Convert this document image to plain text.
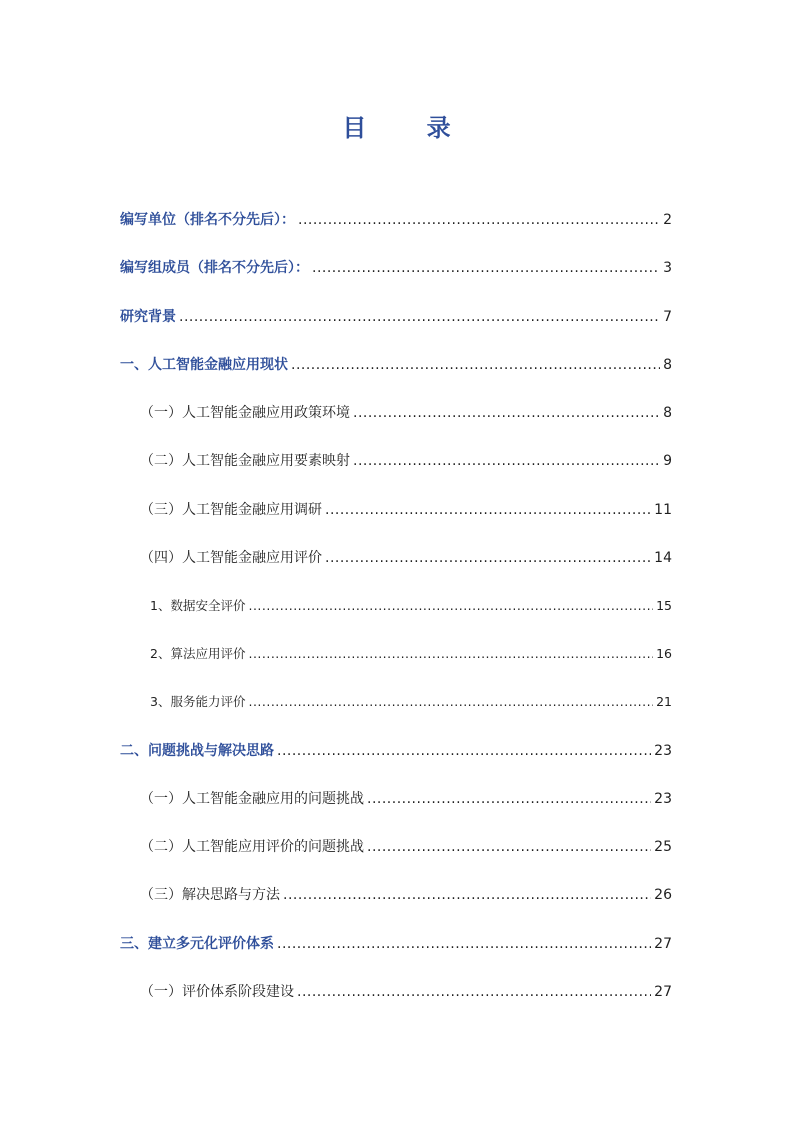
目 录
编写单位（排名不分先后）： .....	2
编写组成员（排名不分先后）： .....	3
研究背景 .....	7
一、人工智能金融应用现状 .....	8
（一）人工智能金融应用政策环境 .....	8
（二）人工智能金融应用要素映射 .....	9
（三）人工智能金融应用调研 .....	11
（四）人工智能金融应用评价 .....	14
1、数据安全评价 .....	15
2、算法应用评价 .....	16
3、服务能力评价 .....	21
二、问题挑战与解决思路 .....	23
（一）人工智能金融应用的问题挑战 .....	23
（二）人工智能应用评价的问题挑战 .....	25
（三）解决思路与方法 .....	26
三、建立多元化评价体系 .....	27
（一）评价体系阶段建设 .....	27
